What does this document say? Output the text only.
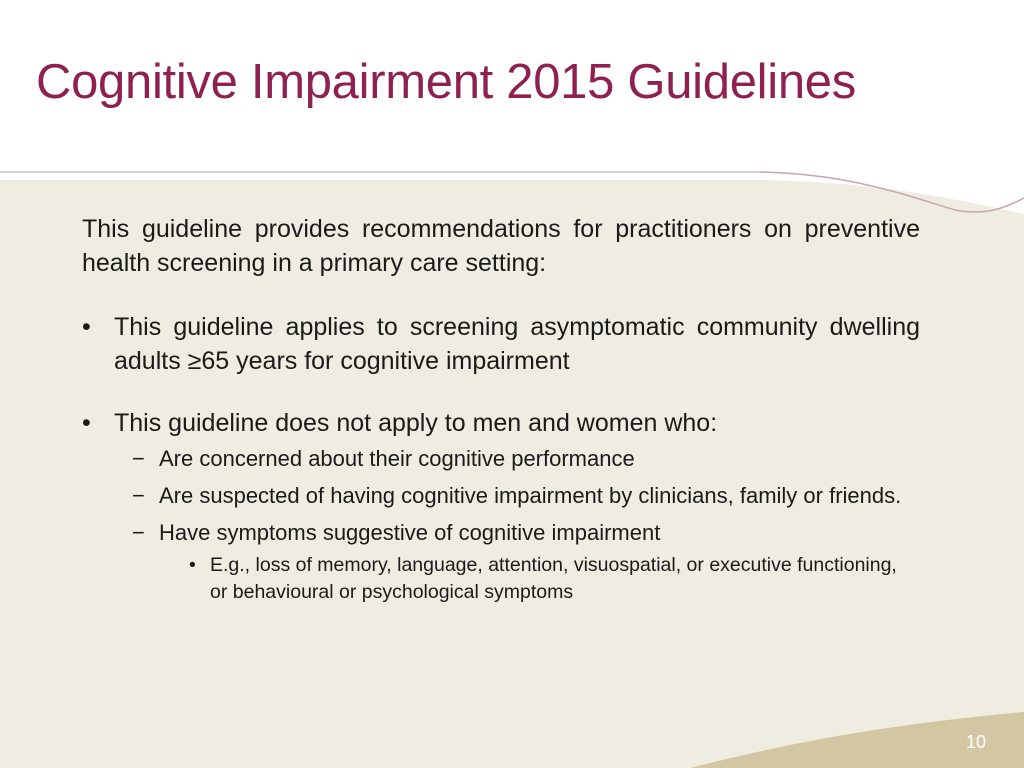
Cognitive Impairment 2015 Guidelines

This guideline provides recommendations for practitioners on preventive health screening in a primary care setting:

• This guideline applies to screening asymptomatic community dwelling adults ≥65 years for cognitive impairment
• This guideline does not apply to men and women who:
− Are concerned about their cognitive performance
− Are suspected of having cognitive impairment by clinicians, family or friends.
− Have symptoms suggestive of cognitive impairment
• E.g., loss of memory, language, attention, visuospatial, or executive functioning, or behavioural or psychological symptoms
10
